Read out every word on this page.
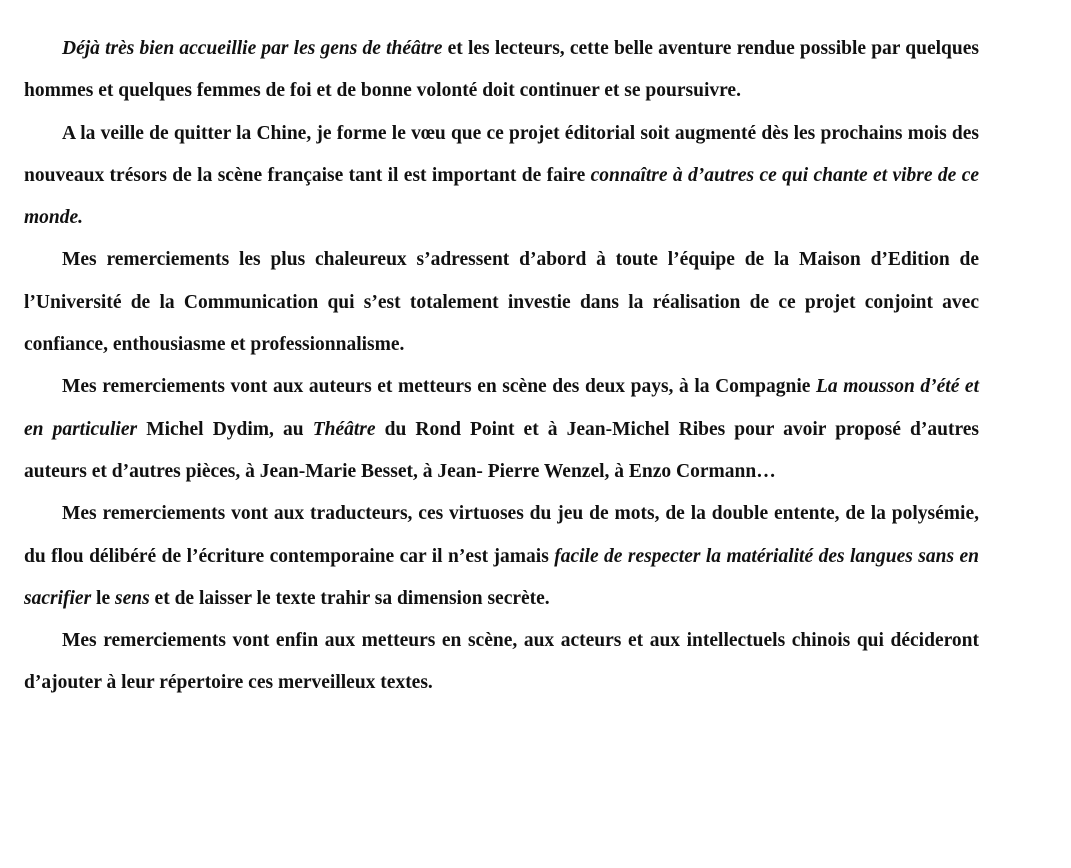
Déjà très bien accueillie par les gens de théâtre et les lecteurs, cette belle aventure rendue possible par quelques hommes et quelques femmes de foi et de bonne volonté doit continuer et se poursuivre.

A la veille de quitter la Chine, je forme le vœu que ce projet éditorial soit augmenté dès les prochains mois des nouveaux trésors de la scène française tant il est important de faire connaître à d’autres ce qui chante et vibre de ce monde.

Mes remerciements les plus chaleureux s’adressent d’abord à toute l’équipe de la Maison d’Edition de l’Université de la Communication qui s’est totalement investie dans la réalisation de ce projet conjoint avec confiance, enthousiasme et professionnalisme.

Mes remerciements vont aux auteurs et metteurs en scène des deux pays, à la Compagnie La mousson d’été et en particulier Michel Dydim, au Théâtre du Rond Point et à Jean-Michel Ribes pour avoir proposé d’autres auteurs et d’autres pièces, à Jean-Marie Besset, à Jean- Pierre Wenzel, à Enzo Cormann…

Mes remerciements vont aux traducteurs, ces virtuoses du jeu de mots, de la double entente, de la polysémie, du flou délibéré de l’écriture contemporaine car il n’est jamais facile de respecter la matérialité des langues sans en sacrifier le sens et de laisser le texte trahir sa dimension secrète.

Mes remerciements vont enfin aux metteurs en scène, aux acteurs et aux intellectuels chinois qui décideront d’ajouter à leur répertoire ces merveilleux textes.
